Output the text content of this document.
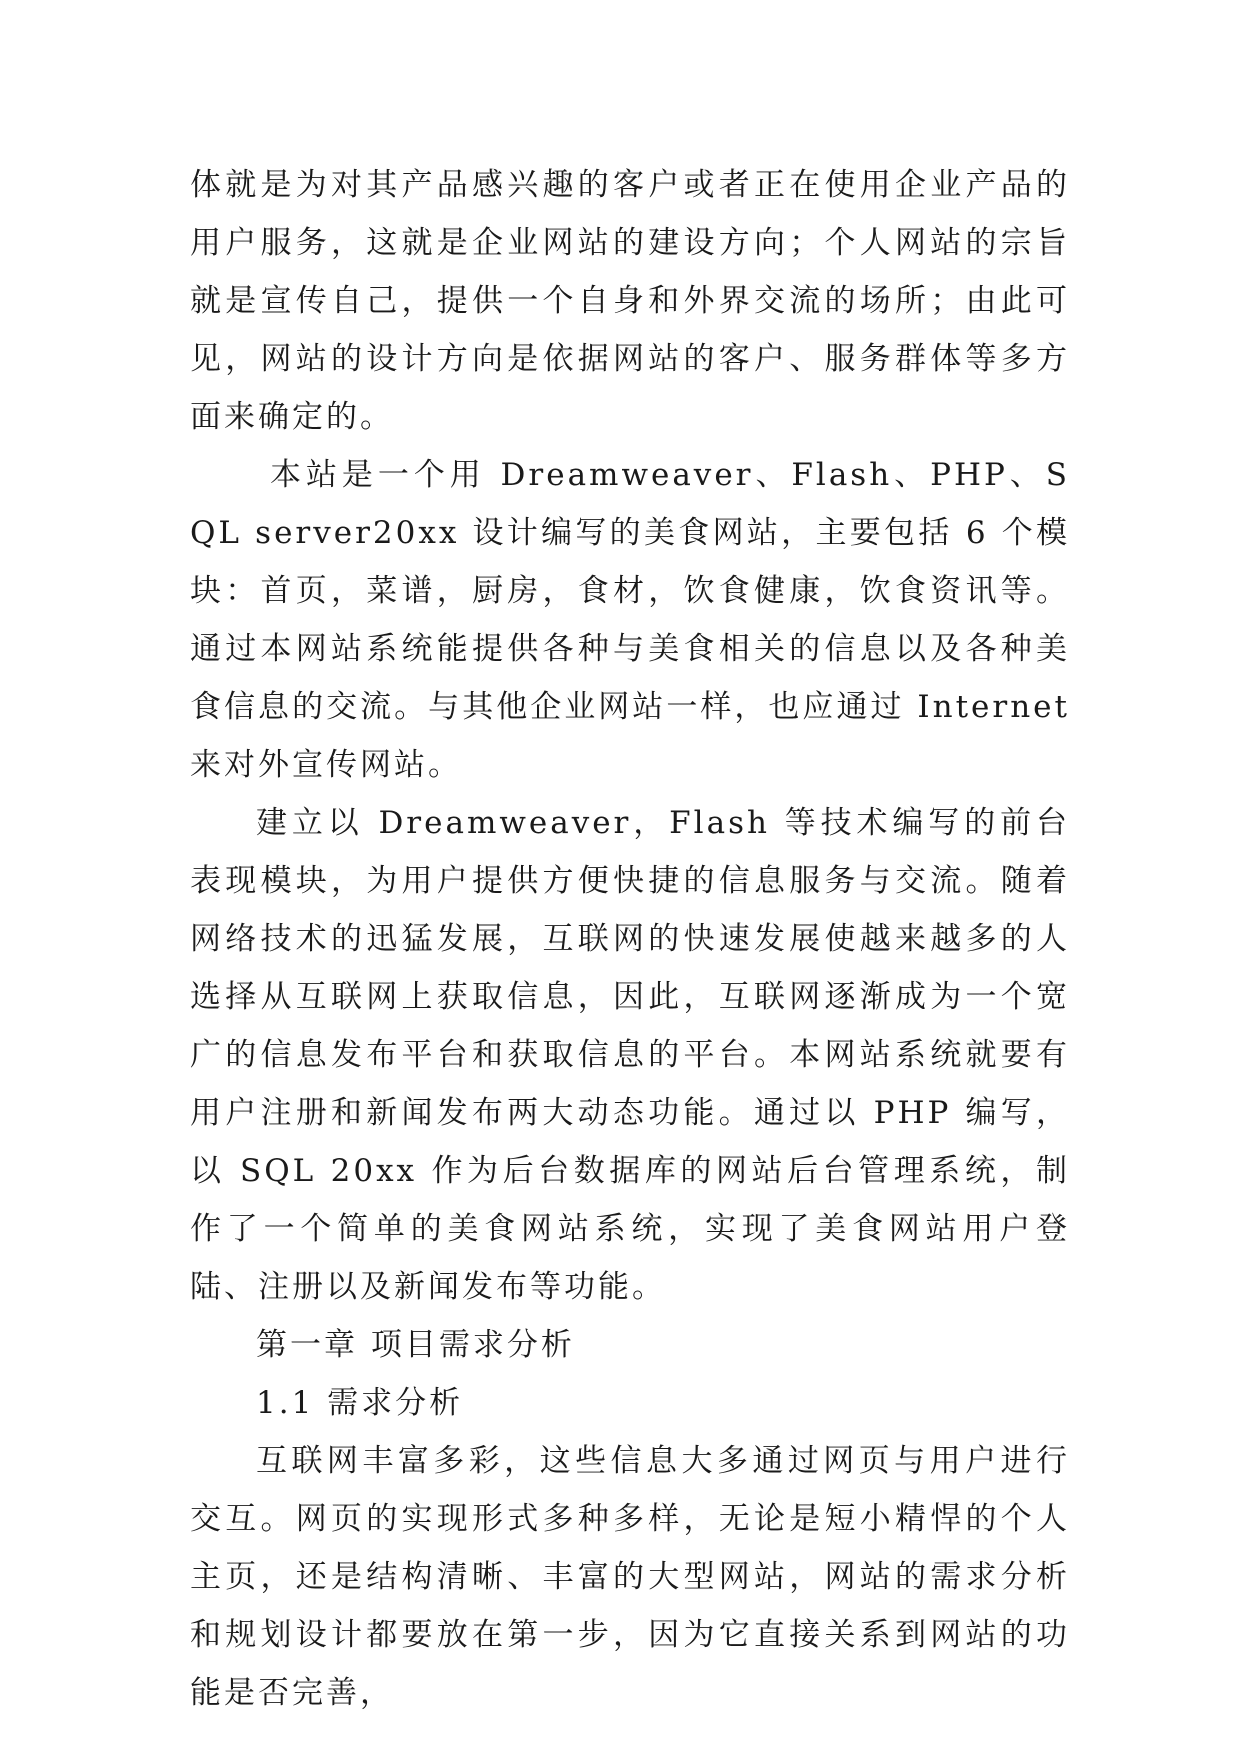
体就是为对其产品感兴趣的客户或者正在使用企业产品的用户服务，这就是企业网站的建设方向；个人网站的宗旨就是宣传自己，提供一个自身和外界交流的场所；由此可见，网站的设计方向是依据网站的客户、服务群体等多方面来确定的。

本站是一个用 Dreamweaver、Flash、PHP、SQL server20xx 设计编写的美食网站，主要包括 6 个模块：首页，菜谱，厨房，食材，饮食健康，饮食资讯等。通过本网站系统能提供各种与美食相关的信息以及各种美食信息的交流。与其他企业网站一样，也应通过 Internet 来对外宣传网站。

建立以 Dreamweaver，Flash 等技术编写的前台表现模块，为用户提供方便快捷的信息服务与交流。随着网络技术的迅猛发展，互联网的快速发展使越来越多的人选择从互联网上获取信息，因此，互联网逐渐成为一个宽广的信息发布平台和获取信息的平台。本网站系统就要有用户注册和新闻发布两大动态功能。通过以 PHP 编写，以 SQL 20xx 作为后台数据库的网站后台管理系统，制作了一个简单的美食网站系统，实现了美食网站用户登陆、注册以及新闻发布等功能。

第一章 项目需求分析

1.1 需求分析

互联网丰富多彩，这些信息大多通过网页与用户进行交互。网页的实现形式多种多样，无论是短小精悍的个人主页，还是结构清晰、丰富的大型网站，网站的需求分析和规划设计都要放在第一步，因为它直接关系到网站的功能是否完善，
